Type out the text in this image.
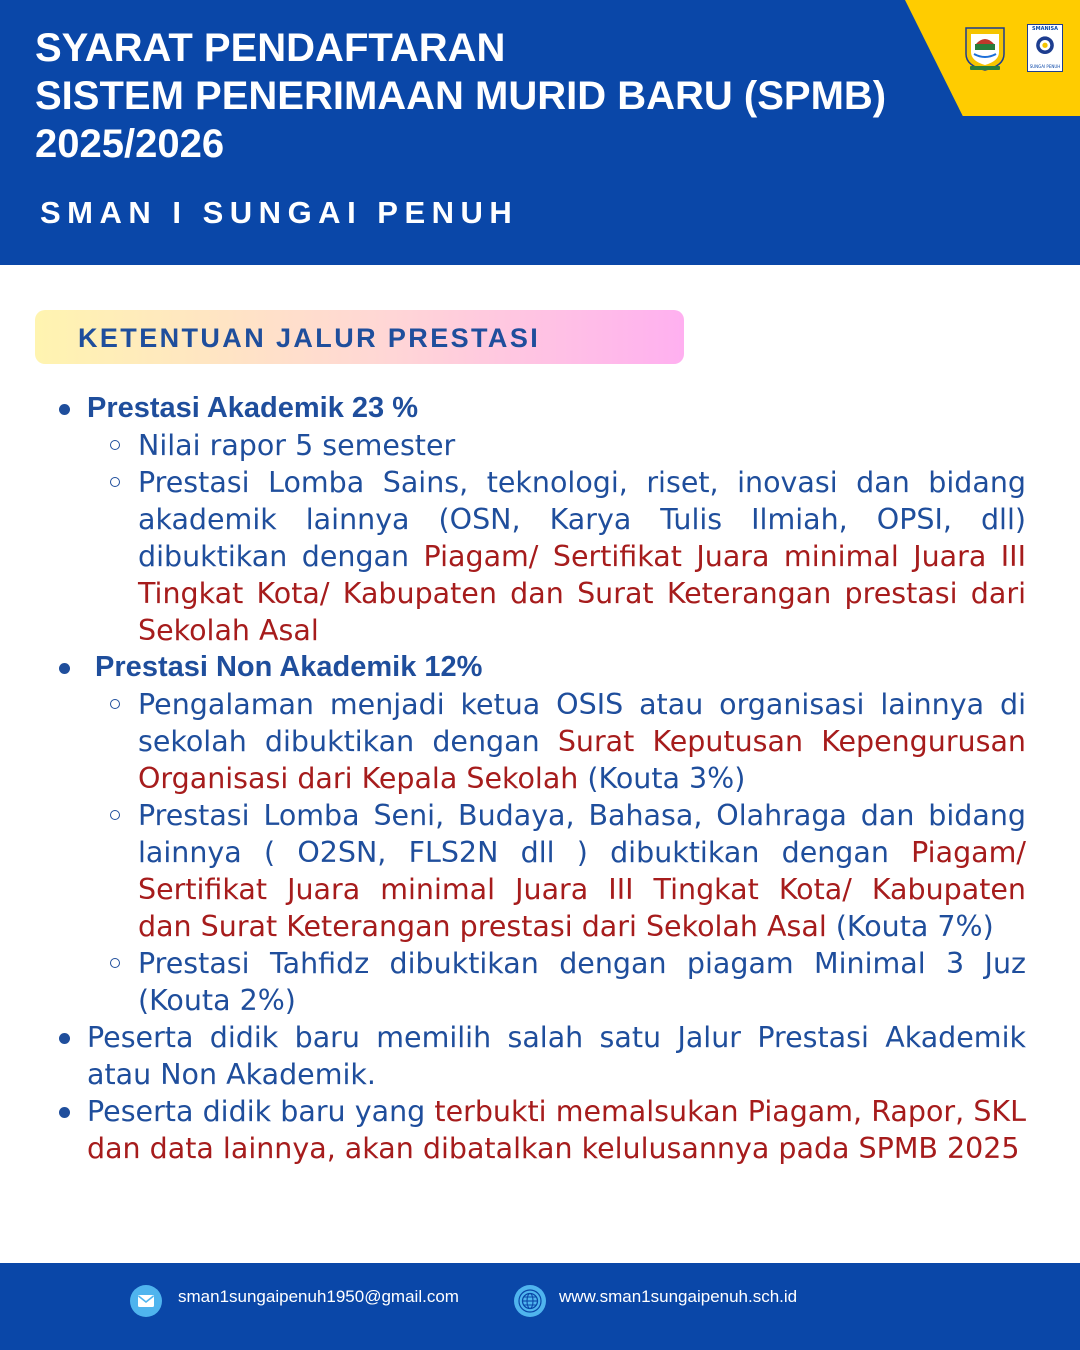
SMANISA
SUNGAI PENUH
SYARAT PENDAFTARAN
SISTEM PENERIMAAN MURID BARU (SPMB)
2025/2026
SMAN I SUNGAI PENUH
KETENTUAN JALUR PRESTASI
Prestasi Akademik 23 %
Nilai rapor 5 semester
Prestasi Lomba Sains, teknologi, riset, inovasi dan bidang
akademik lainnya (OSN, Karya Tulis Ilmiah, OPSI, dll)
dibuktikan dengan Piagam/ Sertifikat Juara minimal Juara III
Tingkat Kota/ Kabupaten dan Surat Keterangan prestasi dari
Sekolah Asal
Prestasi Non Akademik 12%
Pengalaman menjadi ketua OSIS atau organisasi lainnya di
sekolah dibuktikan dengan Surat Keputusan Kepengurusan
Organisasi dari Kepala Sekolah (Kouta 3%)
Prestasi Lomba Seni, Budaya, Bahasa, Olahraga dan bidang
lainnya ( O2SN, FLS2N dll ) dibuktikan dengan Piagam/
Sertifikat Juara minimal Juara III Tingkat Kota/ Kabupaten
dan Surat Keterangan prestasi dari Sekolah Asal (Kouta 7%)
Prestasi Tahfidz dibuktikan dengan piagam Minimal 3 Juz
(Kouta 2%)
Peserta didik baru memilih salah satu Jalur Prestasi Akademik
atau Non Akademik.
Peserta didik baru yang terbukti memalsukan Piagam, Rapor, SKL
dan data lainnya, akan dibatalkan kelulusannya pada SPMB 2025
sman1sungaipenuh1950@gmail.com	www.sman1sungaipenuh.sch.id
